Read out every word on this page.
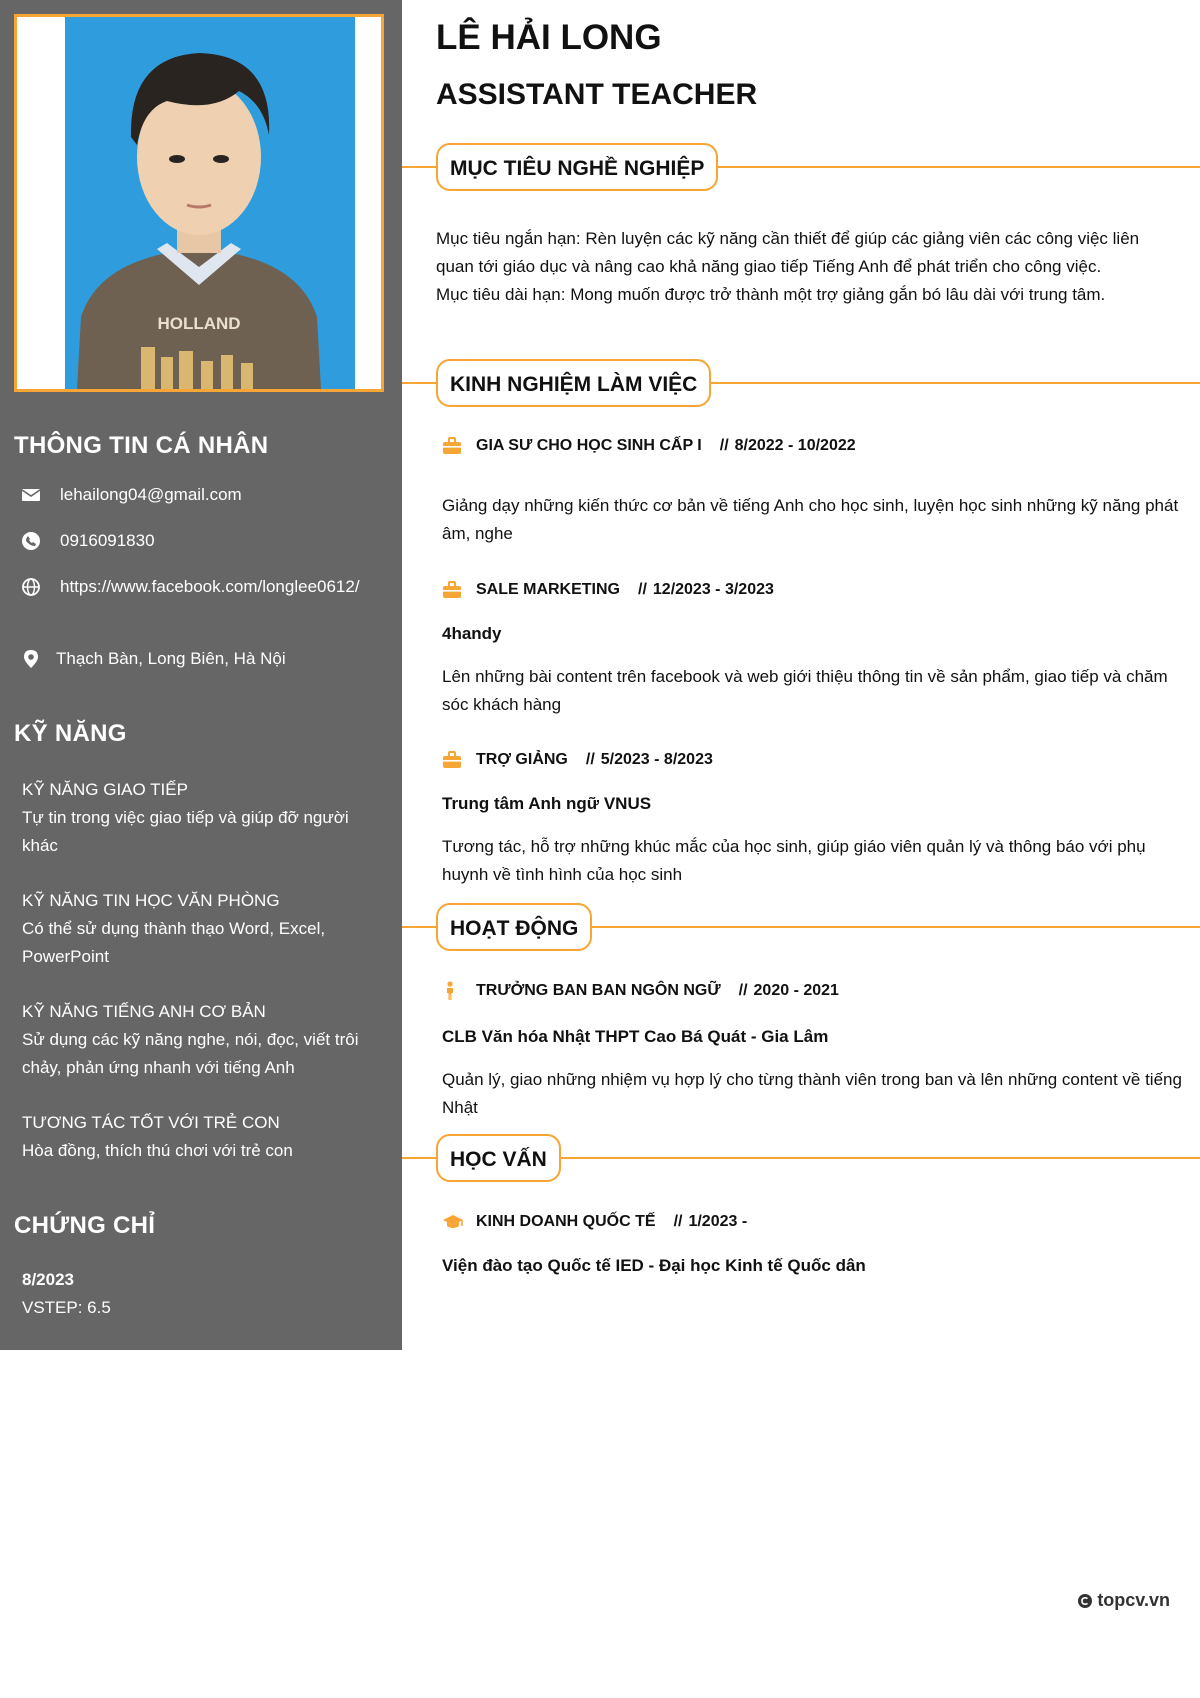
HOLLAND
THÔNG TIN CÁ NHÂN
lehailong04@gmail.com
0916091830
https://www.facebook.com/longlee0612/
Thạch Bàn, Long Biên, Hà Nội
KỸ NĂNG
KỸ NĂNG GIAO TIẾP
Tự tin trong việc giao tiếp và giúp đỡ người khác
KỸ NĂNG TIN HỌC VĂN PHÒNG
Có thể sử dụng thành thạo Word, Excel, PowerPoint
KỸ NĂNG TIẾNG ANH CƠ BẢN
Sử dụng các kỹ năng nghe, nói, đọc, viết trôi chảy, phản ứng nhanh với tiếng Anh
TƯƠNG TÁC TỐT VỚI TRẺ CON
Hòa đồng, thích thú chơi với trẻ con
CHỨNG CHỈ
8/2023
VSTEP: 6.5
LÊ HẢI LONG
ASSISTANT TEACHER
MỤC TIÊU NGHỀ NGHIỆP
Mục tiêu ngắn hạn: Rèn luyện các kỹ năng cần thiết để giúp các giảng viên các công việc liên quan tới giáo dục và nâng cao khả năng giao tiếp Tiếng Anh để phát triển cho công việc.
Mục tiêu dài hạn: Mong muốn được trở thành một trợ giảng gắn bó lâu dài với trung tâm.
KINH NGHIỆM LÀM VIỆC
GIA SƯ CHO HỌC SINH CẤP I // 8/2022 - 10/2022
Giảng dạy những kiến thức cơ bản về tiếng Anh cho học sinh, luyện học sinh những kỹ năng phát âm, nghe
SALE MARKETING // 12/2023 - 3/2023
4handy
Lên những bài content trên facebook và web giới thiệu thông tin về sản phẩm, giao tiếp và chăm sóc khách hàng
TRỢ GIẢNG // 5/2023 - 8/2023
Trung tâm Anh ngữ VNUS
Tương tác, hỗ trợ những khúc mắc của học sinh, giúp giáo viên quản lý và thông báo với phụ huynh về tình hình của học sinh
HOẠT ĐỘNG
TRƯỞNG BAN BAN NGÔN NGỮ // 2020 - 2021
CLB Văn hóa Nhật THPT Cao Bá Quát - Gia Lâm
Quản lý, giao những nhiệm vụ hợp lý cho từng thành viên trong ban và lên những content về tiếng Nhật
HỌC VẤN
KINH DOANH QUỐC TẾ // 1/2023 -
Viện đào tạo Quốc tế IED - Đại học Kinh tế Quốc dân
topcv.vn
